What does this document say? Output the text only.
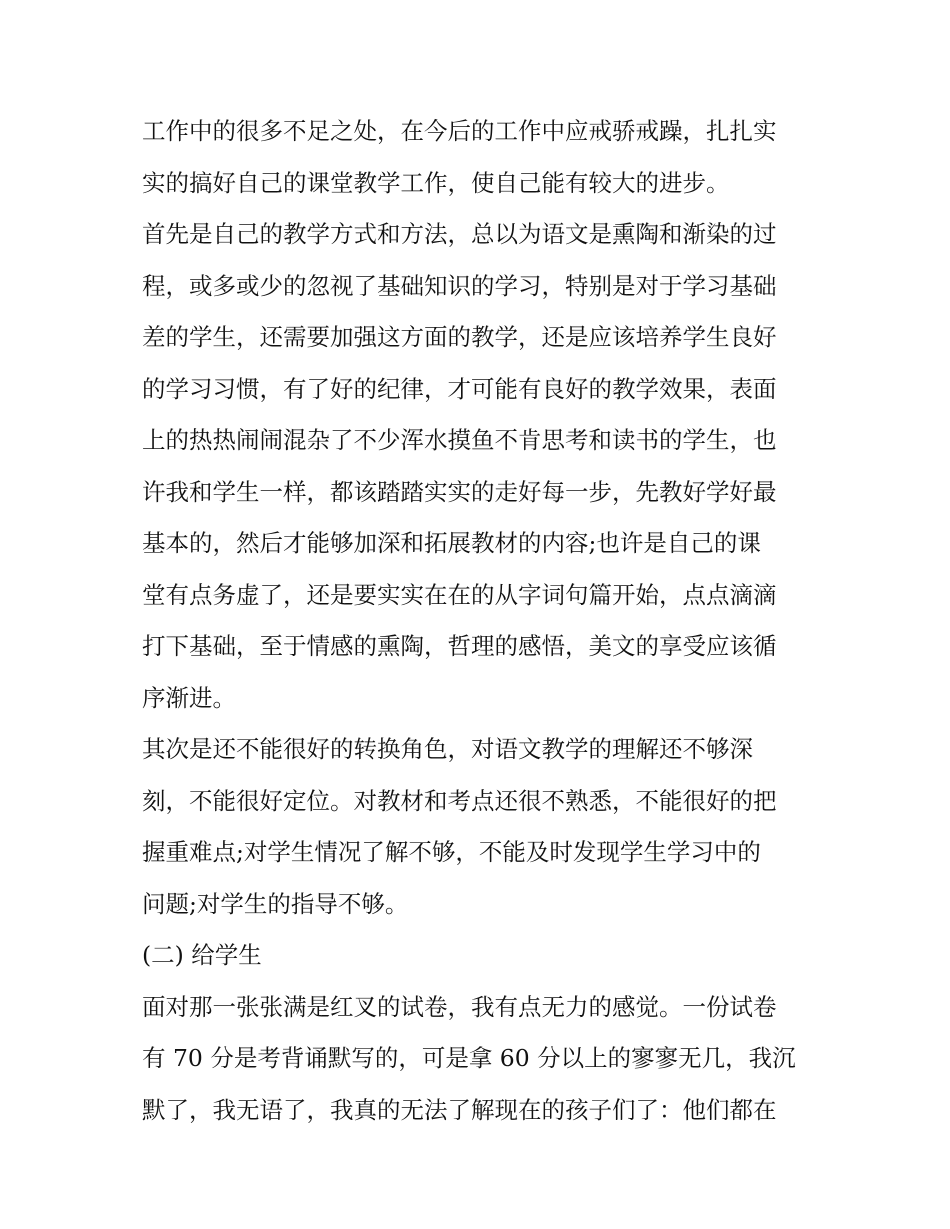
工作中的很多不足之处，在今后的工作中应戒骄戒躁，扎扎实
实的搞好自己的课堂教学工作，使自己能有较大的进步。
首先是自己的教学方式和方法，总以为语文是熏陶和渐染的过
程，或多或少的忽视了基础知识的学习，特别是对于学习基础
差的学生，还需要加强这方面的教学，还是应该培养学生良好
的学习习惯，有了好的纪律，才可能有良好的教学效果，表面
上的热热闹闹混杂了不少浑水摸鱼不肯思考和读书的学生，也
许我和学生一样，都该踏踏实实的走好每一步，先教好学好最
基本的，然后才能够加深和拓展教材的内容;也许是自己的课
堂有点务虚了，还是要实实在在的从字词句篇开始，点点滴滴
打下基础，至于情感的熏陶，哲理的感悟，美文的享受应该循
序渐进。
其次是还不能很好的转换角色，对语文教学的理解还不够深
刻，不能很好定位。对教材和考点还很不熟悉，不能很好的把
握重难点;对学生情况了解不够，不能及时发现学生学习中的
问题;对学生的指导不够。
(二) 给学生
面对那一张张满是红叉的试卷，我有点无力的感觉。一份试卷
有 70 分是考背诵默写的，可是拿 60 分以上的寥寥无几，我沉
默了，我无语了，我真的无法了解现在的孩子们了：他们都在
